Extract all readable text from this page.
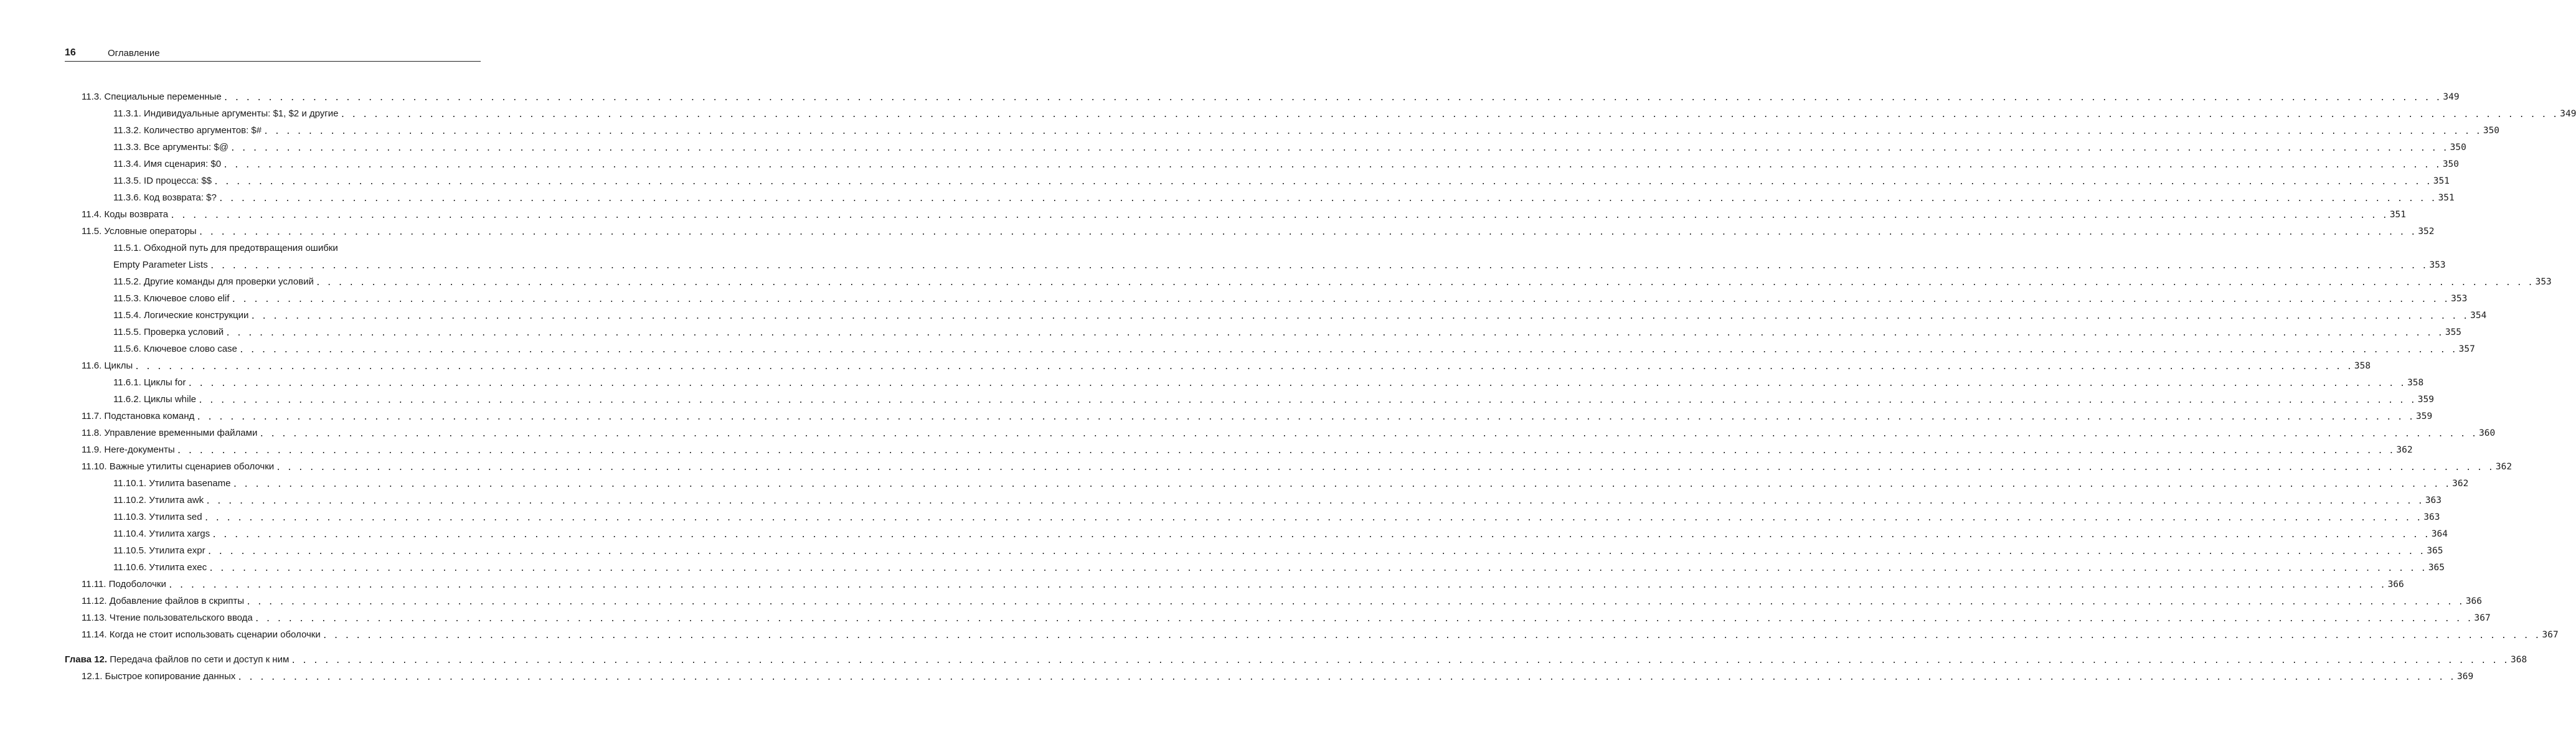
16	Оглавление
11.3. Специальные переменные . . . . . . . . . . . . . . . . . . . . . . . . . . . . . . . . . . . . . . . . . . . . . . . . . . . . . . . . . . . . . . . . . . . . . . . . . . . . . . . . . . . . . . . . . . . . . . . . . . . . . . . . . . . . . . . . . . . . . . . . . . . . . . . . . . . . . . . . . . . . . . . . . . . . . . . . . . . . . . . . . . . . . . . . . . . . . . . . . . . . . . . . . . . . . . . . . . . . . . . . 349
11.3.1. Индивидуальные аргументы: $1, $2 и другие . . . . . . . . . . . . . . . . . . . . . . . . . . . . . . . . . . . . . . . . . . . . . . . . . . . . . . . . . . . . . . . . . . . . . . . . . . . . . . . . . . . . . . . . . . . . . . . . . . . . . . . . . . . . . . . . . . . . . . . . . . . . . . . . . . . . . . . . . . . . . . . . . . . . . . . . . . . . . . . . . . . . . . . . . . . . . . . . . . . . . . . . . . . . . . . . . . . . . . . . 349
11.3.2. Количество аргументов: $# . . . . . . . . . . . . . . . . . . . . . . . . . . . . . . . . . . . . . . . . . . . . . . . . . . . . . . . . . . . . . . . . . . . . . . . . . . . . . . . . . . . . . . . . . . . . . . . . . . . . . . . . . . . . . . . . . . . . . . . . . . . . . . . . . . . . . . . . . . . . . . . . . . . . . . . . . . . . . . . . . . . . . . . . . . . . . . . . . . . . . . . . . . . . . . . . . . . . . . . . 350
11.3.3. Все аргументы: $@ . . . . . . . . . . . . . . . . . . . . . . . . . . . . . . . . . . . . . . . . . . . . . . . . . . . . . . . . . . . . . . . . . . . . . . . . . . . . . . . . . . . . . . . . . . . . . . . . . . . . . . . . . . . . . . . . . . . . . . . . . . . . . . . . . . . . . . . . . . . . . . . . . . . . . . . . . . . . . . . . . . . . . . . . . . . . . . . . . . . . . . . . . . . . . . . . . . . . . . . . 350
11.3.4. Имя сценария: $0 . . . . . . . . . . . . . . . . . . . . . . . . . . . . . . . . . . . . . . . . . . . . . . . . . . . . . . . . . . . . . . . . . . . . . . . . . . . . . . . . . . . . . . . . . . . . . . . . . . . . . . . . . . . . . . . . . . . . . . . . . . . . . . . . . . . . . . . . . . . . . . . . . . . . . . . . . . . . . . . . . . . . . . . . . . . . . . . . . . . . . . . . . . . . . . . . . . . . . . . . 350
11.3.5. ID процесса: $$ . . . . . . . . . . . . . . . . . . . . . . . . . . . . . . . . . . . . . . . . . . . . . . . . . . . . . . . . . . . . . . . . . . . . . . . . . . . . . . . . . . . . . . . . . . . . . . . . . . . . . . . . . . . . . . . . . . . . . . . . . . . . . . . . . . . . . . . . . . . . . . . . . . . . . . . . . . . . . . . . . . . . . . . . . . . . . . . . . . . . . . . . . . . . . . . . . . . . . . . . 351
11.3.6. Код возврата: $? . . . . . . . . . . . . . . . . . . . . . . . . . . . . . . . . . . . . . . . . . . . . . . . . . . . . . . . . . . . . . . . . . . . . . . . . . . . . . . . . . . . . . . . . . . . . . . . . . . . . . . . . . . . . . . . . . . . . . . . . . . . . . . . . . . . . . . . . . . . . . . . . . . . . . . . . . . . . . . . . . . . . . . . . . . . . . . . . . . . . . . . . . . . . . . . . . . . . . . . . 351
11.4. Коды возврата . . . . . . . . . . . . . . . . . . . . . . . . . . . . . . . . . . . . . . . . . . . . . . . . . . . . . . . . . . . . . . . . . . . . . . . . . . . . . . . . . . . . . . . . . . . . . . . . . . . . . . . . . . . . . . . . . . . . . . . . . . . . . . . . . . . . . . . . . . . . . . . . . . . . . . . . . . . . . . . . . . . . . . . . . . . . . . . . . . . . . . . . . . . . . . . . . . . . . . . . 351
11.5. Условные операторы . . . . . . . . . . . . . . . . . . . . . . . . . . . . . . . . . . . . . . . . . . . . . . . . . . . . . . . . . . . . . . . . . . . . . . . . . . . . . . . . . . . . . . . . . . . . . . . . . . . . . . . . . . . . . . . . . . . . . . . . . . . . . . . . . . . . . . . . . . . . . . . . . . . . . . . . . . . . . . . . . . . . . . . . . . . . . . . . . . . . . . . . . . . . . . . . . . . . . . . . 352
11.5.1. Обходной путь для предотвращения ошибки
Empty Parameter Lists . . . . . . . . . . . . . . . . . . . . . . . . . . . . . . . . . . . . . . . . . . . . . . . . . . . . . . . . . . . . . . . . . . . . . . . . . . . . . . . . . . . . . . . . . . . . . . . . . . . . . . . . . . . . . . . . . . . . . . . . . . . . . . . . . . . . . . . . . . . . . . . . . . . . . . . . . . . . . . . . . . . . . . . . . . . . . . . . . . . . . . . . . . . . . . . . . . . . . . . . 353
11.5.2. Другие команды для проверки условий . . . . . . . . . . . . . . . . . . . . . . . . . . . . . . . . . . . . . . . . . . . . . . . . . . . . . . . . . . . . . . . . . . . . . . . . . . . . . . . . . . . . . . . . . . . . . . . . . . . . . . . . . . . . . . . . . . . . . . . . . . . . . . . . . . . . . . . . . . . . . . . . . . . . . . . . . . . . . . . . . . . . . . . . . . . . . . . . . . . . . . . . . . . . . . . . . . . . . . . . 353
11.5.3. Ключевое слово elif . . . . . . . . . . . . . . . . . . . . . . . . . . . . . . . . . . . . . . . . . . . . . . . . . . . . . . . . . . . . . . . . . . . . . . . . . . . . . . . . . . . . . . . . . . . . . . . . . . . . . . . . . . . . . . . . . . . . . . . . . . . . . . . . . . . . . . . . . . . . . . . . . . . . . . . . . . . . . . . . . . . . . . . . . . . . . . . . . . . . . . . . . . . . . . . . . . . . . . . . 353
11.5.4. Логические конструкции . . . . . . . . . . . . . . . . . . . . . . . . . . . . . . . . . . . . . . . . . . . . . . . . . . . . . . . . . . . . . . . . . . . . . . . . . . . . . . . . . . . . . . . . . . . . . . . . . . . . . . . . . . . . . . . . . . . . . . . . . . . . . . . . . . . . . . . . . . . . . . . . . . . . . . . . . . . . . . . . . . . . . . . . . . . . . . . . . . . . . . . . . . . . . . . . . . . . . . . . 354
11.5.5. Проверка условий . . . . . . . . . . . . . . . . . . . . . . . . . . . . . . . . . . . . . . . . . . . . . . . . . . . . . . . . . . . . . . . . . . . . . . . . . . . . . . . . . . . . . . . . . . . . . . . . . . . . . . . . . . . . . . . . . . . . . . . . . . . . . . . . . . . . . . . . . . . . . . . . . . . . . . . . . . . . . . . . . . . . . . . . . . . . . . . . . . . . . . . . . . . . . . . . . . . . . . . . 355
11.5.6. Ключевое слово case . . . . . . . . . . . . . . . . . . . . . . . . . . . . . . . . . . . . . . . . . . . . . . . . . . . . . . . . . . . . . . . . . . . . . . . . . . . . . . . . . . . . . . . . . . . . . . . . . . . . . . . . . . . . . . . . . . . . . . . . . . . . . . . . . . . . . . . . . . . . . . . . . . . . . . . . . . . . . . . . . . . . . . . . . . . . . . . . . . . . . . . . . . . . . . . . . . . . . . . . 357
11.6. Циклы . . . . . . . . . . . . . . . . . . . . . . . . . . . . . . . . . . . . . . . . . . . . . . . . . . . . . . . . . . . . . . . . . . . . . . . . . . . . . . . . . . . . . . . . . . . . . . . . . . . . . . . . . . . . . . . . . . . . . . . . . . . . . . . . . . . . . . . . . . . . . . . . . . . . . . . . . . . . . . . . . . . . . . . . . . . . . . . . . . . . . . . . . . . . . . . . . . . . . . . . 358
11.6.1. Циклы for . . . . . . . . . . . . . . . . . . . . . . . . . . . . . . . . . . . . . . . . . . . . . . . . . . . . . . . . . . . . . . . . . . . . . . . . . . . . . . . . . . . . . . . . . . . . . . . . . . . . . . . . . . . . . . . . . . . . . . . . . . . . . . . . . . . . . . . . . . . . . . . . . . . . . . . . . . . . . . . . . . . . . . . . . . . . . . . . . . . . . . . . . . . . . . . . . . . . . . . . 358
11.6.2. Циклы while . . . . . . . . . . . . . . . . . . . . . . . . . . . . . . . . . . . . . . . . . . . . . . . . . . . . . . . . . . . . . . . . . . . . . . . . . . . . . . . . . . . . . . . . . . . . . . . . . . . . . . . . . . . . . . . . . . . . . . . . . . . . . . . . . . . . . . . . . . . . . . . . . . . . . . . . . . . . . . . . . . . . . . . . . . . . . . . . . . . . . . . . . . . . . . . . . . . . . . . . 359
11.7. Подстановка команд . . . . . . . . . . . . . . . . . . . . . . . . . . . . . . . . . . . . . . . . . . . . . . . . . . . . . . . . . . . . . . . . . . . . . . . . . . . . . . . . . . . . . . . . . . . . . . . . . . . . . . . . . . . . . . . . . . . . . . . . . . . . . . . . . . . . . . . . . . . . . . . . . . . . . . . . . . . . . . . . . . . . . . . . . . . . . . . . . . . . . . . . . . . . . . . . . . . . . . . . 359
11.8. Управление временными файлами . . . . . . . . . . . . . . . . . . . . . . . . . . . . . . . . . . . . . . . . . . . . . . . . . . . . . . . . . . . . . . . . . . . . . . . . . . . . . . . . . . . . . . . . . . . . . . . . . . . . . . . . . . . . . . . . . . . . . . . . . . . . . . . . . . . . . . . . . . . . . . . . . . . . . . . . . . . . . . . . . . . . . . . . . . . . . . . . . . . . . . . . . . . . . . . . . . . . . . . . 360
11.9. Here-документы . . . . . . . . . . . . . . . . . . . . . . . . . . . . . . . . . . . . . . . . . . . . . . . . . . . . . . . . . . . . . . . . . . . . . . . . . . . . . . . . . . . . . . . . . . . . . . . . . . . . . . . . . . . . . . . . . . . . . . . . . . . . . . . . . . . . . . . . . . . . . . . . . . . . . . . . . . . . . . . . . . . . . . . . . . . . . . . . . . . . . . . . . . . . . . . . . . . . . . . . 362
11.10. Важные утилиты сценариев оболочки . . . . . . . . . . . . . . . . . . . . . . . . . . . . . . . . . . . . . . . . . . . . . . . . . . . . . . . . . . . . . . . . . . . . . . . . . . . . . . . . . . . . . . . . . . . . . . . . . . . . . . . . . . . . . . . . . . . . . . . . . . . . . . . . . . . . . . . . . . . . . . . . . . . . . . . . . . . . . . . . . . . . . . . . . . . . . . . . . . . . . . . . . . . . . . . . . . . . . . . . 362
11.10.1. Утилита basename . . . . . . . . . . . . . . . . . . . . . . . . . . . . . . . . . . . . . . . . . . . . . . . . . . . . . . . . . . . . . . . . . . . . . . . . . . . . . . . . . . . . . . . . . . . . . . . . . . . . . . . . . . . . . . . . . . . . . . . . . . . . . . . . . . . . . . . . . . . . . . . . . . . . . . . . . . . . . . . . . . . . . . . . . . . . . . . . . . . . . . . . . . . . . . . . . . . . . . . . 362
11.10.2. Утилита awk . . . . . . . . . . . . . . . . . . . . . . . . . . . . . . . . . . . . . . . . . . . . . . . . . . . . . . . . . . . . . . . . . . . . . . . . . . . . . . . . . . . . . . . . . . . . . . . . . . . . . . . . . . . . . . . . . . . . . . . . . . . . . . . . . . . . . . . . . . . . . . . . . . . . . . . . . . . . . . . . . . . . . . . . . . . . . . . . . . . . . . . . . . . . . . . . . . . . . . . . 363
11.10.3. Утилита sed . . . . . . . . . . . . . . . . . . . . . . . . . . . . . . . . . . . . . . . . . . . . . . . . . . . . . . . . . . . . . . . . . . . . . . . . . . . . . . . . . . . . . . . . . . . . . . . . . . . . . . . . . . . . . . . . . . . . . . . . . . . . . . . . . . . . . . . . . . . . . . . . . . . . . . . . . . . . . . . . . . . . . . . . . . . . . . . . . . . . . . . . . . . . . . . . . . . . . . . . 363
11.10.4. Утилита xargs . . . . . . . . . . . . . . . . . . . . . . . . . . . . . . . . . . . . . . . . . . . . . . . . . . . . . . . . . . . . . . . . . . . . . . . . . . . . . . . . . . . . . . . . . . . . . . . . . . . . . . . . . . . . . . . . . . . . . . . . . . . . . . . . . . . . . . . . . . . . . . . . . . . . . . . . . . . . . . . . . . . . . . . . . . . . . . . . . . . . . . . . . . . . . . . . . . . . . . . . 364
11.10.5. Утилита expr . . . . . . . . . . . . . . . . . . . . . . . . . . . . . . . . . . . . . . . . . . . . . . . . . . . . . . . . . . . . . . . . . . . . . . . . . . . . . . . . . . . . . . . . . . . . . . . . . . . . . . . . . . . . . . . . . . . . . . . . . . . . . . . . . . . . . . . . . . . . . . . . . . . . . . . . . . . . . . . . . . . . . . . . . . . . . . . . . . . . . . . . . . . . . . . . . . . . . . . . 365
11.10.6. Утилита exec . . . . . . . . . . . . . . . . . . . . . . . . . . . . . . . . . . . . . . . . . . . . . . . . . . . . . . . . . . . . . . . . . . . . . . . . . . . . . . . . . . . . . . . . . . . . . . . . . . . . . . . . . . . . . . . . . . . . . . . . . . . . . . . . . . . . . . . . . . . . . . . . . . . . . . . . . . . . . . . . . . . . . . . . . . . . . . . . . . . . . . . . . . . . . . . . . . . . . . . . 365
11.11. Подоболочки . . . . . . . . . . . . . . . . . . . . . . . . . . . . . . . . . . . . . . . . . . . . . . . . . . . . . . . . . . . . . . . . . . . . . . . . . . . . . . . . . . . . . . . . . . . . . . . . . . . . . . . . . . . . . . . . . . . . . . . . . . . . . . . . . . . . . . . . . . . . . . . . . . . . . . . . . . . . . . . . . . . . . . . . . . . . . . . . . . . . . . . . . . . . . . . . . . . . . . . . 366
11.12. Добавление файлов в скрипты . . . . . . . . . . . . . . . . . . . . . . . . . . . . . . . . . . . . . . . . . . . . . . . . . . . . . . . . . . . . . . . . . . . . . . . . . . . . . . . . . . . . . . . . . . . . . . . . . . . . . . . . . . . . . . . . . . . . . . . . . . . . . . . . . . . . . . . . . . . . . . . . . . . . . . . . . . . . . . . . . . . . . . . . . . . . . . . . . . . . . . . . . . . . . . . . . . . . . . . . 366
11.13. Чтение пользовательского ввода . . . . . . . . . . . . . . . . . . . . . . . . . . . . . . . . . . . . . . . . . . . . . . . . . . . . . . . . . . . . . . . . . . . . . . . . . . . . . . . . . . . . . . . . . . . . . . . . . . . . . . . . . . . . . . . . . . . . . . . . . . . . . . . . . . . . . . . . . . . . . . . . . . . . . . . . . . . . . . . . . . . . . . . . . . . . . . . . . . . . . . . . . . . . . . . . . . . . . . . . 367
11.14. Когда не стоит использовать сценарии оболочки . . . . . . . . . . . . . . . . . . . . . . . . . . . . . . . . . . . . . . . . . . . . . . . . . . . . . . . . . . . . . . . . . . . . . . . . . . . . . . . . . . . . . . . . . . . . . . . . . . . . . . . . . . . . . . . . . . . . . . . . . . . . . . . . . . . . . . . . . . . . . . . . . . . . . . . . . . . . . . . . . . . . . . . . . . . . . . . . . . . . . . . . . . . . . . . . . . . . . . . . 367
Глава 12. Передача файлов по сети и доступ к ним . . . . . . . . . . . . . . . . . . . . . . . . . . . . . . . . . . . . . . . . . . . . . . . . . . . . . . . . . . . . . . . . . . . . . . . . . . . . . . . . . . . . . . . . . . . . . . . . . . . . . . . . . . . . . . . . . . . . . . . . . . . . . . . . . . . . . . . . . . . . . . . . . . . . . . . . . . . . . . . . . . . . . . . . . . . . . . . . . . . . . . . . . . . . . . . . . . . . . . . . 368
12.1. Быстрое копирование данных . . . . . . . . . . . . . . . . . . . . . . . . . . . . . . . . . . . . . . . . . . . . . . . . . . . . . . . . . . . . . . . . . . . . . . . . . . . . . . . . . . . . . . . . . . . . . . . . . . . . . . . . . . . . . . . . . . . . . . . . . . . . . . . . . . . . . . . . . . . . . . . . . . . . . . . . . . . . . . . . . . . . . . . . . . . . . . . . . . . . . . . . . . . . . . . . . . . . . . . . 369
